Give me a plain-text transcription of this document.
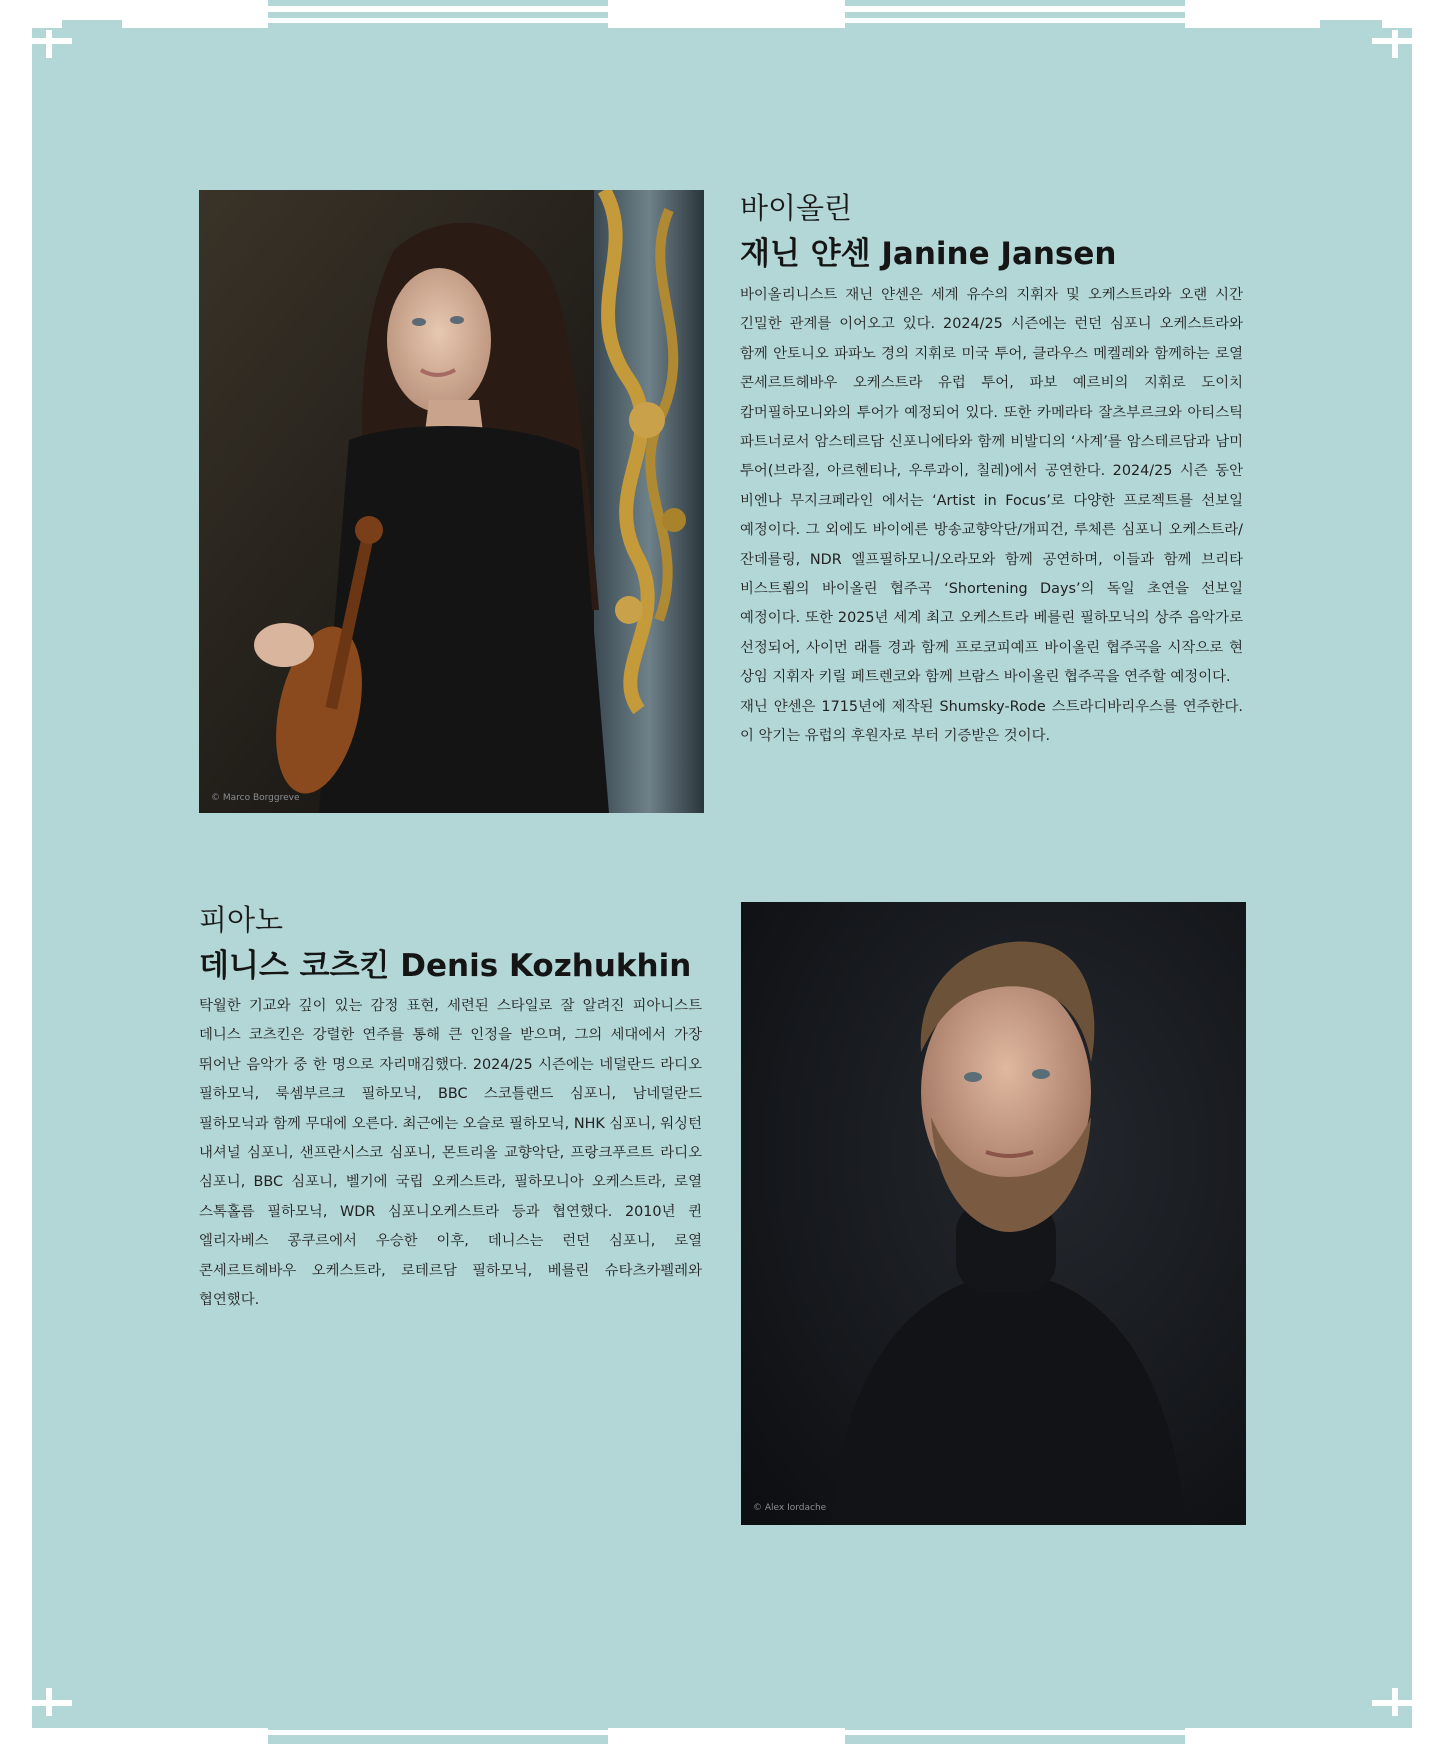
© Marco Borggreve
바이올린
재닌 얀센 Janine Jansen

바이올리니스트 재닌 얀센은 세계 유수의 지휘자 및 오케스트라와 오랜 시간 긴밀한 관계를 이어오고 있다. 2024/25 시즌에는 런던 심포니 오케스트라와 함께 안토니오 파파노 경의 지휘로 미국 투어, 클라우스 메켈레와 함께하는 로열 콘세르트헤바우 오케스트라 유럽 투어, 파보 예르비의 지휘로 도이치 캄머필하모니와의 투어가 예정되어 있다. 또한 카메라타 잘츠부르크와 아티스틱 파트너로서 암스테르담 신포니에타와 함께 비발디의 ‘사계’를 암스테르담과 남미 투어(브라질, 아르헨티나, 우루과이, 칠레)에서 공연한다. 2024/25 시즌 동안 비엔나 무지크페라인 에서는 ‘Artist in Focus’로 다양한 프로젝트를 선보일 예정이다. 그 외에도 바이에른 방송교향악단/개피건, 루체른 심포니 오케스트라/잔데를링, NDR 엘프필하모니/오라모와 함께 공연하며, 이들과 함께 브리타 비스트룀의 바이올린 협주곡 ‘Shortening Days’의 독일 초연을 선보일 예정이다. 또한 2025년 세계 최고 오케스트라 베를린 필하모닉의 상주 음악가로 선정되어, 사이먼 래틀 경과 함께 프로코피예프 바이올린 협주곡을 시작으로 현 상임 지휘자 키릴 페트렌코와 함께 브람스 바이올린 협주곡을 연주할 예정이다.

재닌 얀센은 1715년에 제작된 Shumsky-Rode 스트라디바리우스를 연주한다. 이 악기는 유럽의 후원자로 부터 기증받은 것이다.

피아노
데니스 코츠킨 Denis Kozhukhin

탁월한 기교와 깊이 있는 감정 표현, 세련된 스타일로 잘 알려진 피아니스트 데니스 코츠킨은 강렬한 연주를 통해 큰 인정을 받으며, 그의 세대에서 가장 뛰어난 음악가 중 한 명으로 자리매김했다. 2024/25 시즌에는 네덜란드 라디오 필하모닉, 룩셈부르크 필하모닉, BBC 스코틀랜드 심포니, 남네덜란드 필하모닉과 함께 무대에 오른다. 최근에는 오슬로 필하모닉, NHK 심포니, 워싱턴 내셔널 심포니, 샌프란시스코 심포니, 몬트리올 교향악단, 프랑크푸르트 라디오 심포니, BBC 심포니, 벨기에 국립 오케스트라, 필하모니아 오케스트라, 로열 스톡홀름 필하모닉, WDR 심포니오케스트라 등과 협연했다. 2010년 퀸 엘리자베스 콩쿠르에서 우승한 이후, 데니스는 런던 심포니, 로열 콘세르트헤바우 오케스트라, 로테르담 필하모닉, 베를린 슈타츠카펠레와 협연했다.

© Alex Iordache
